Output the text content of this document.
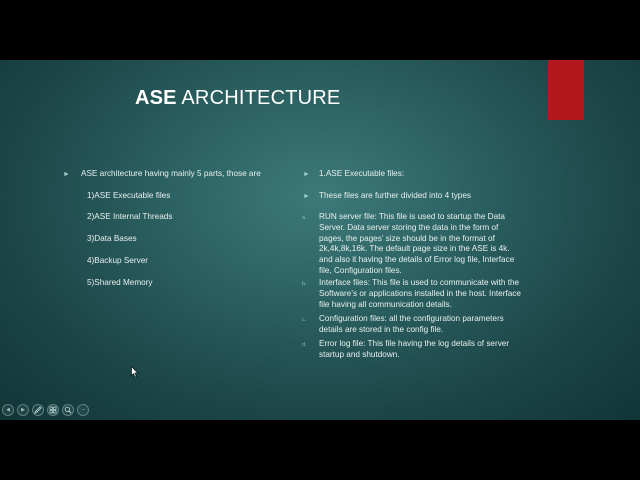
ASE ARCHITECTURE
► ASE architecture having mainly 5 parts, those are

1)ASE Executable files

2)ASE Internal Threads

3)Data Bases

4)Backup Server

5)Shared Memory

► 1.ASE Executable files:

► These files are further divided into 4 types

a. RUN server file: This file is used to startup the Data Server. Data server storing the data in the form of pages, the pages’ size should be in the format of 2k,4k,8k,16k. The default page size in the ASE is 4k. and also it having the details of Error log file, Interface file, Configuration files.

b. Interface files: This file is used to communicate with the Software’s or applications installed in the host. Interface file having all communication details.

c. Configuration files: all the configuration parameters details are stored in the config file.

d. Error log file: This file having the log details of server startup and shutdown.

◀ ▶	···
